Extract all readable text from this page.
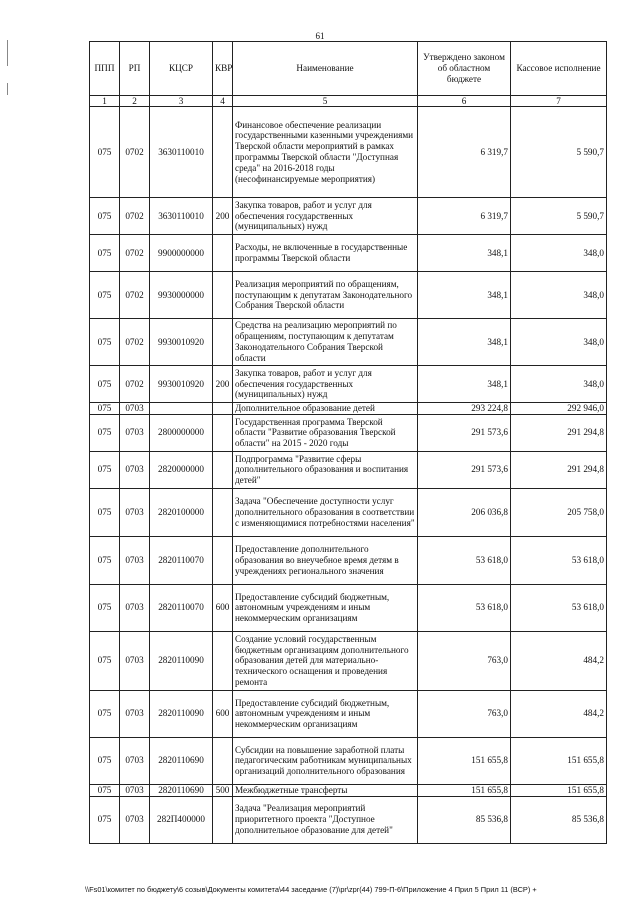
61
ППП	РП	КЦСР	КВР	Наименование	Утверждено законом об областном бюджете	Кассовое исполнение
1	2	3	4	5	6	7
075	0702	3630110010		Финансовое обеспечение реализации государственными казенными учреждениями Тверской области мероприятий в рамках программы Тверской области "Доступная среда" на 2016-2018 годы (несофинансируемые мероприятия)	6 319,7	5 590,7
075	0702	3630110010	200	Закупка товаров, работ и услуг для обеспечения государственных (муниципальных) нужд	6 319,7	5 590,7
075	0702	9900000000		Расходы, не включенные в государственные программы Тверской области	348,1	348,0
075	0702	9930000000		Реализация мероприятий по обращениям, поступающим к депутатам Законодательного Собрания Тверской области	348,1	348,0
075	0702	9930010920		Средства на реализацию мероприятий по обращениям, поступающим к депутатам Законодательного Собрания Тверской области	348,1	348,0
075	0702	9930010920	200	Закупка товаров, работ и услуг для обеспечения государственных (муниципальных) нужд	348,1	348,0
075	0703			Дополнительное образование детей	293 224,8	292 946,0
075	0703	2800000000		Государственная программа Тверской области "Развитие образования Тверской области" на 2015 - 2020 годы	291 573,6	291 294,8
075	0703	2820000000		Подпрограмма "Развитие сферы дополнительного образования и воспитания детей"	291 573,6	291 294,8
075	0703	2820100000		Задача "Обеспечение доступности услуг дополнительного образования в соответствии с изменяющимися потребностями населения"	206 036,8	205 758,0
075	0703	2820110070		Предоставление дополнительного образования во внеучебное время детям в учреждениях регионального значения	53 618,0	53 618,0
075	0703	2820110070	600	Предоставление субсидий бюджетным, автономным учреждениям и иным некоммерческим организациям	53 618,0	53 618,0
075	0703	2820110090		Создание условий государственным бюджетным организациям дополнительного образования детей для материально-технического оснащения и проведения ремонта	763,0	484,2
075	0703	2820110090	600	Предоставление субсидий бюджетным, автономным учреждениям и иным некоммерческим организациям	763,0	484,2
075	0703	2820110690		Субсидии на повышение заработной платы педагогическим работникам муниципальных организаций дополнительного образования	151 655,8	151 655,8
075	0703	2820110690	500	Межбюджетные трансферты	151 655,8	151 655,8
075	0703	282П400000		Задача "Реализация мероприятий приоритетного проекта "Доступное дополнительное образование для детей"	85 536,8	85 536,8
\\Fs01\комитет по бюджету\6 созыв\Документы комитета\44 заседание (7)\pr\zpr(44) 799-П-6\Приложение 4 Прил 5 Прил 11 (ВСР) +
